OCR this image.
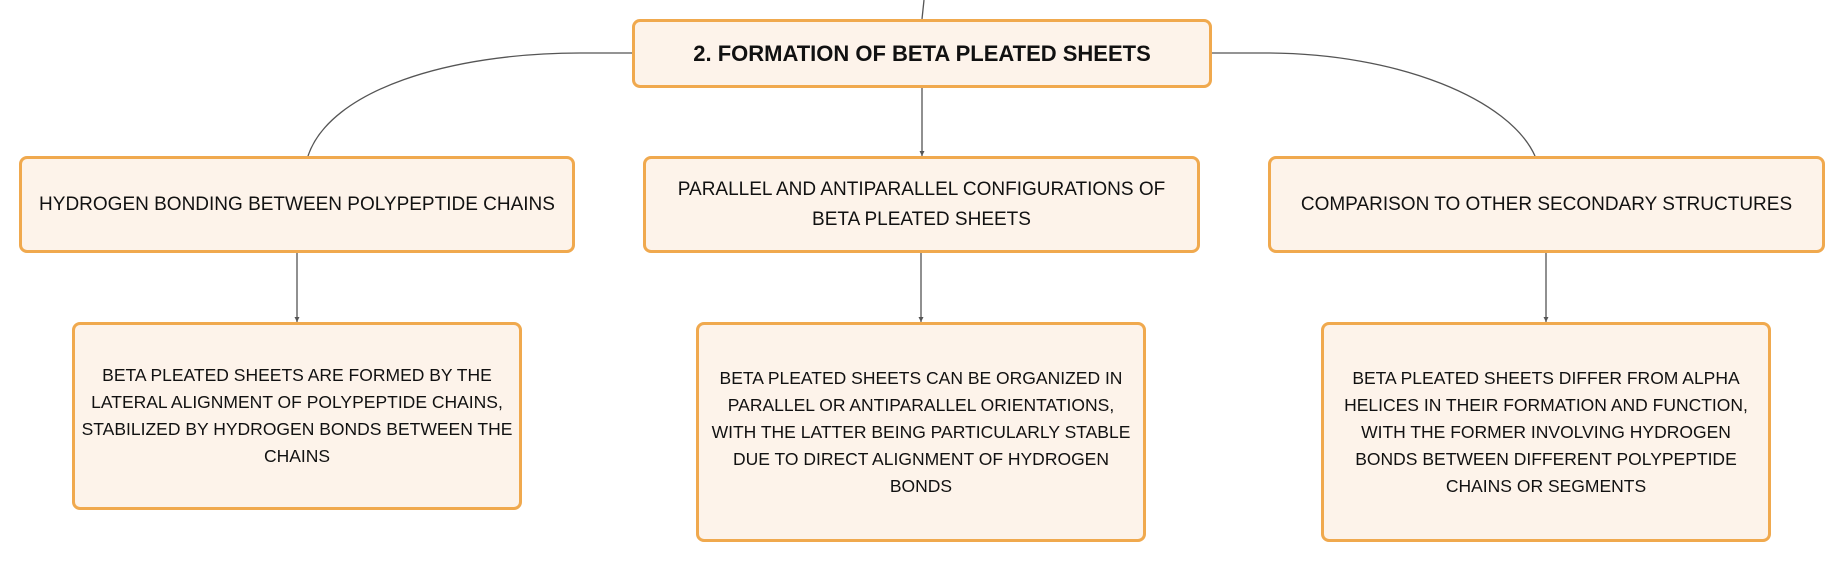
2. FORMATION OF BETA PLEATED SHEETS
HYDROGEN BONDING BETWEEN POLYPEPTIDE CHAINS
PARALLEL AND ANTIPARALLEL CONFIGURATIONS OF BETA PLEATED SHEETS
COMPARISON TO OTHER SECONDARY STRUCTURES
BETA PLEATED SHEETS ARE FORMED BY THE LATERAL ALIGNMENT OF POLYPEPTIDE CHAINS, STABILIZED BY HYDROGEN BONDS BETWEEN THE CHAINS
BETA PLEATED SHEETS CAN BE ORGANIZED IN PARALLEL OR ANTIPARALLEL ORIENTATIONS, WITH THE LATTER BEING PARTICULARLY STABLE DUE TO DIRECT ALIGNMENT OF HYDROGEN BONDS
BETA PLEATED SHEETS DIFFER FROM ALPHA HELICES IN THEIR FORMATION AND FUNCTION, WITH THE FORMER INVOLVING HYDROGEN BONDS BETWEEN DIFFERENT POLYPEPTIDE CHAINS OR SEGMENTS
